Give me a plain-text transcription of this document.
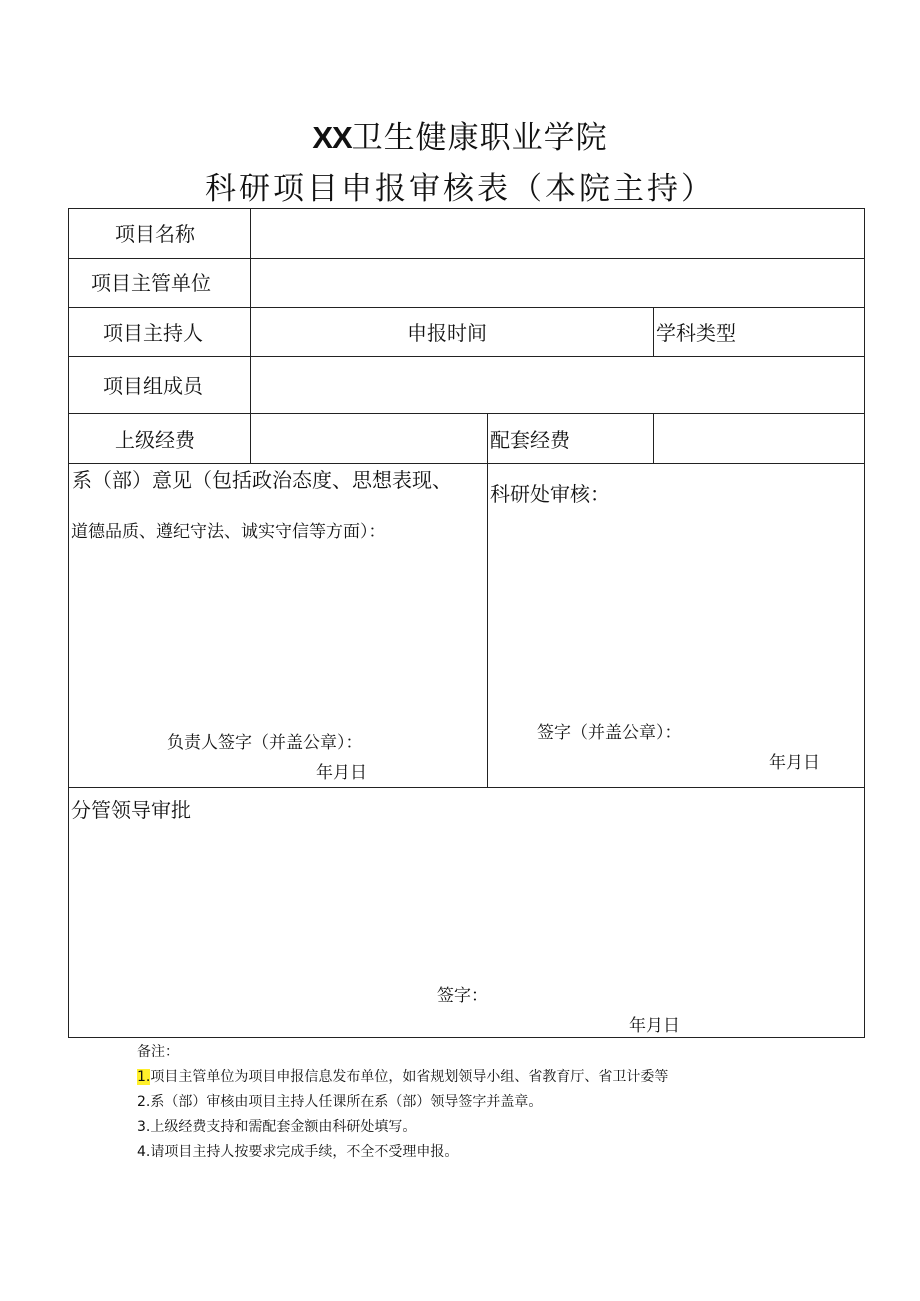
XX卫生健康职业学院
科研项目申报审核表（本院主持）
项目名称
项目主管单位
项目主持人	申报时间	学科类型
项目组成员
上级经费	配套经费
系（部）意见（包括政治态度、思想表现、
道德品质、遵纪守法、诚实守信等方面）：
负责人签字（并盖公章）：
年月日
科研处审核：
签字（并盖公章）：
年月日
分管领导审批
签字：
年月日
备注：
1.项目主管单位为项目申报信息发布单位，如省规划领导小组、省教育厅、省卫计委等
2.系（部）审核由项目主持人任课所在系（部）领导签字并盖章。
3.上级经费支持和需配套金额由科研处填写。
4.请项目主持人按要求完成手续，不全不受理申报。
